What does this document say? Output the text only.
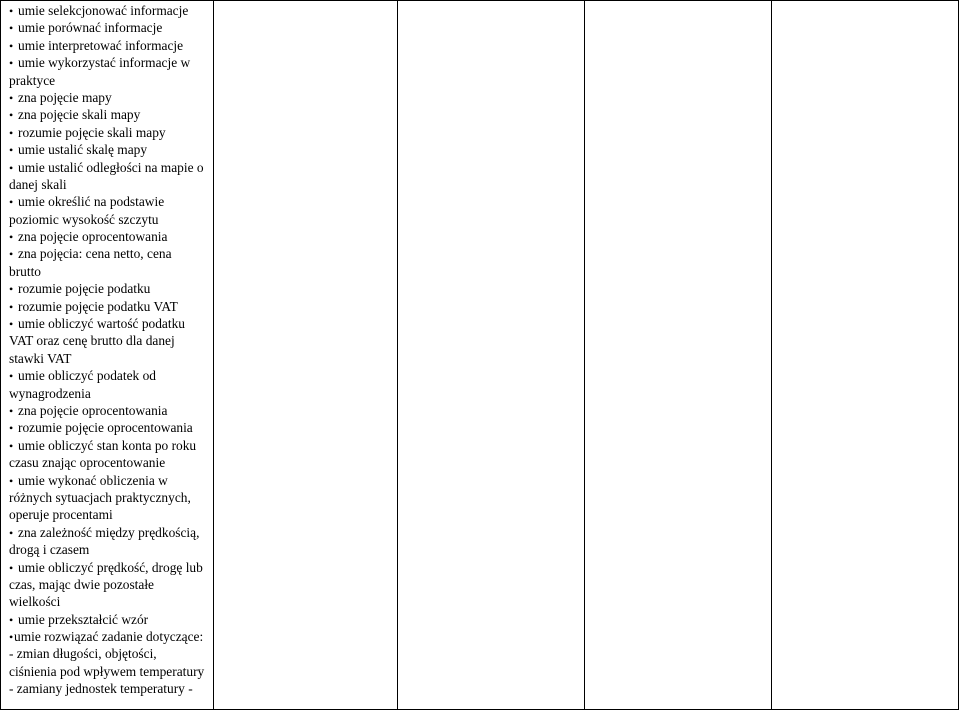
• umie selekcjonować informacje
• umie porównać informacje
• umie interpretować informacje
• umie wykorzystać informacje w
praktyce
• zna pojęcie mapy
• zna pojęcie skali mapy
• rozumie pojęcie skali mapy
• umie ustalić skalę mapy
• umie ustalić odległości na mapie o
danej skali
• umie określić na podstawie
poziomic wysokość szczytu
• zna pojęcie oprocentowania
• zna pojęcia: cena netto, cena
brutto
• rozumie pojęcie podatku
• rozumie pojęcie podatku VAT
• umie obliczyć wartość podatku
VAT oraz cenę brutto dla danej
stawki VAT
• umie obliczyć podatek od
wynagrodzenia
• zna pojęcie oprocentowania
• rozumie pojęcie oprocentowania
• umie obliczyć stan konta po roku
czasu znając oprocentowanie
• umie wykonać obliczenia w
różnych sytuacjach praktycznych,
operuje procentami
• zna zależność między prędkością,
drogą i czasem
• umie obliczyć prędkość, drogę lub
czas, mając dwie pozostałe
wielkości
• umie przekształcić wzór
•umie rozwiązać zadanie dotyczące:
- zmian długości, objętości,
ciśnienia pod wpływem temperatury
- zamiany jednostek temperatury -
